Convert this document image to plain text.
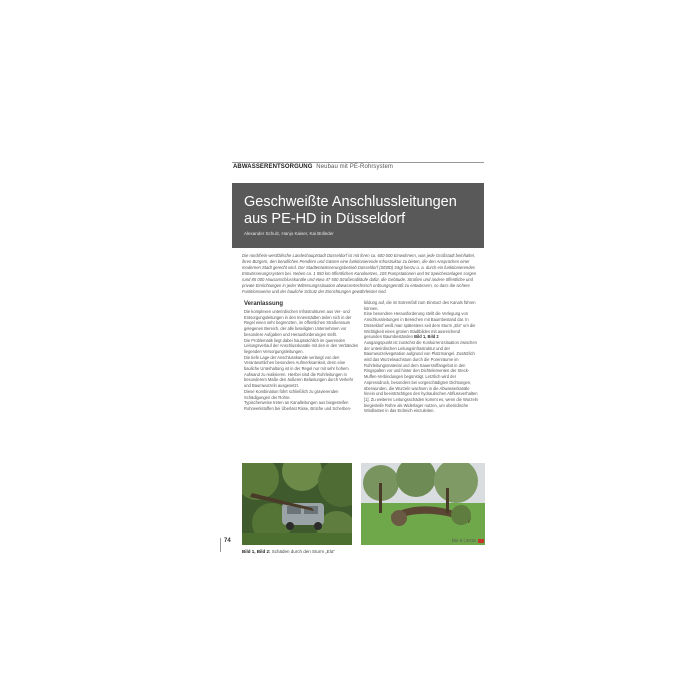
ABWASSERENTSORGUNG Neubau mit PE-Rohrsystem
Geschweißte Anschlussleitungen aus PE-HD in Düsseldorf
Alexander Schulz, Hanjo Kaiser, Kai Bülleder
Die nordrhein-westfälische Landeshauptstadt Düsseldorf ist mit ihren ca. 600 000 Einwohnern, was jede Großstadt beinhaltet, ihren Bürgern, den beruflichen Pendlern und Gästen eine funktionierende Infrastruktur zu bieten, die den Ansprüchen einer modernen Stadt gerecht wird. Der Stadtentwässerungsbetrieb Düsseldorf (SEBD) trägt hierzu u. a. durch ein funktionierendes Entwässerungssystem bei. Neben ca. 1 550 km öffentlichen Kanalnetzes, 105 Pumpstationen und 94 Speicheranlagen sorgen rund 85 000 Hausanschlusskanäle und etwa 47 500 Straßenabläufe dafür, die Gebäude, Straßen und andere öffentliche und private Einrichtungen in jeder Wittersungssituation abwassertechnisch ordnungsgemäß zu entwässern, so dass die sichere Funktionsweise und der bauliche Schutz der Einrichtungen gewährleistet sind.
Veranlassung

Die komplexen unterirdischen Infrastrukturen aus Ver- und Entsorgungsleitungen in den Innenstädten teilen sich in der Regel einen sehr begrenzten, im öffentlichen Straßenraum gelegenen Bereich, der alle beteiligten Unternehmen vor besondere Aufgaben und Herausforderungen stellt.

Die Problematik liegt dabei hauptsächlich im querenden Leitungsverlauf der Anschlusskanäle mit den in den Verbänden liegenden Versorgungsleitungen.

Die tiefe Lage der Anschlusskanäle verlangt von den Verantwortlichen besondere Aufmerksamkeit, denn eine bauliche Unterhaltung ist in der Regel nur mit sehr hohem Aufwand zu realisieren. Hierbei sind die Rohrleitungen in besonderem Maße den äußeren Belastungen durch Verkehr und Baumwurzeln ausgesetzt.

Diese Kombination führt schließlich zu gravierenden Schädigungen der Rohre.

Typischerweise treten an Kanalleitungen aus biegesteifen Rohrwerkstoffen bei Überlast Risse, Brüche und Scherben-

bildung auf, die im Extremfall zum Einsturz des Kanals führen können.

Eine besondere Herausforderung stellt die Verlegung von Anschlussleitungen in Bereichen mit Baumbestand dar. In Düsseldorf weiß man spätestens seit dem Sturm „Ela" um die Wichtigkeit eines grünen Stadtbildes mit ausreichend gesunden Baumbeständen Bild 1, Bild 2

Ausgangspunkt ist zunächst die Konkurrenzsituation zwischen der unterirdischen Leitungsinfrastruktur und der Baumwurzelvegetation aufgrund von Platzmangel. Zusätzlich wird das Wurzelwachstum durch die Porenräume im Rohrleitungsmaterial und dem Sauerstoffangebot in den Ringspalten vor und hinter den Dichtelementen der Steck-Muffen-Verbindungen begünstigt. Letztlich wird der Anpressdruck, besonders bei vorgeschädigten Dichtungen, überwunden, die Wurzeln wachsen in die Abwasserkanäle hinein und beeinträchtigen den hydraulischen Abflussverhalten [1]. Zu weiteren Leitungsschäden kommt es, wenn die Wurzeln biegesteife Rohre als Widerlager nutzen, um oberirdische Windlasten in das Erdreich einzuleiten.

Bild 1, Bild 2: Schäden durch den Sturm „Ela"
74	bbr 6 | 2015
